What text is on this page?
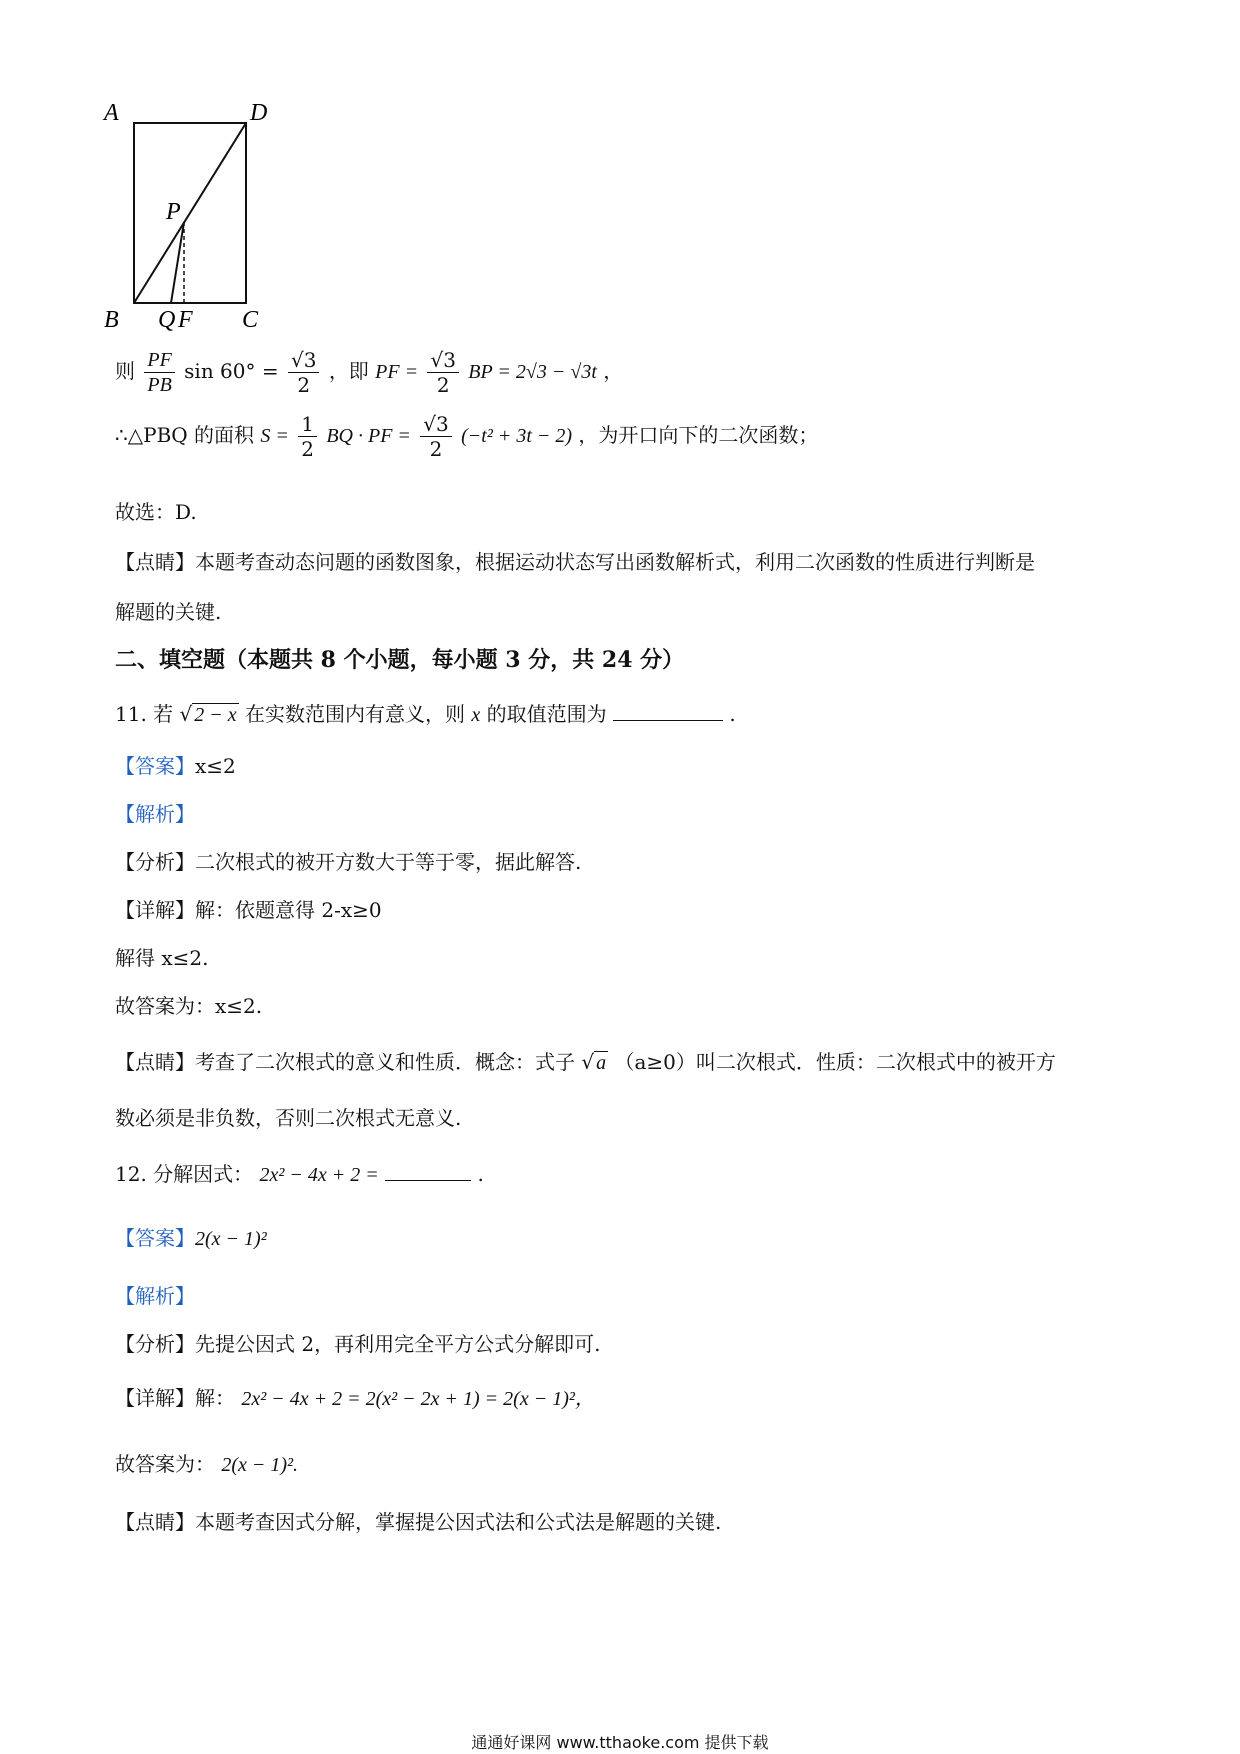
A	D
P
B Q F C
则 $\frac{PF}{PB}$ $\sin 60^\circ = \frac{√3}{2}$ ，即 PF = $\frac{√3}{2}$ BP = 2√3 − √3t ，
∴△PBQ 的面积 $S = \frac{1}{2}$ BQ · PF = $\frac{√3}{2} (-t^2 + 3t - 2)$ ，为开口向下的二次函数；
故选：D.
【点睛】本题考查动态问题的函数图象，根据运动状态写出函数解析式，利用二次函数的性质进行判断是
解题的关键.
二、填空题（本题共 8 个小题，每小题 3 分，共 24 分）
11. 若 √ 2 − x 在实数范围内有意义，则 x 的取值范围为	.
【答案】x≤2
【解析】
【分析】二次根式的被开方数大于等于零，据此解答.
【详解】解：依题意得 2-x≥0
解得 x≤2.
故答案为：x≤2.
【点睛】考查了二次根式的意义和性质．概念：式子 √ a （a≥0）叫二次根式．性质：二次根式中的被开方
数必须是非负数，否则二次根式无意义.
12. 分解因式： 2x² − 4x + 2 =	.
【答案】2(x − 1)²
【解析】
【分析】先提公因式 2，再利用完全平方公式分解即可.
【详解】解： 2x² − 4x + 2 = 2(x² − 2x + 1) = 2(x − 1)²，
故答案为： 2(x − 1)².
【点睛】本题考查因式分解，掌握提公因式法和公式法是解题的关键.
通通好课网 www.tthaoke.com 提供下载
